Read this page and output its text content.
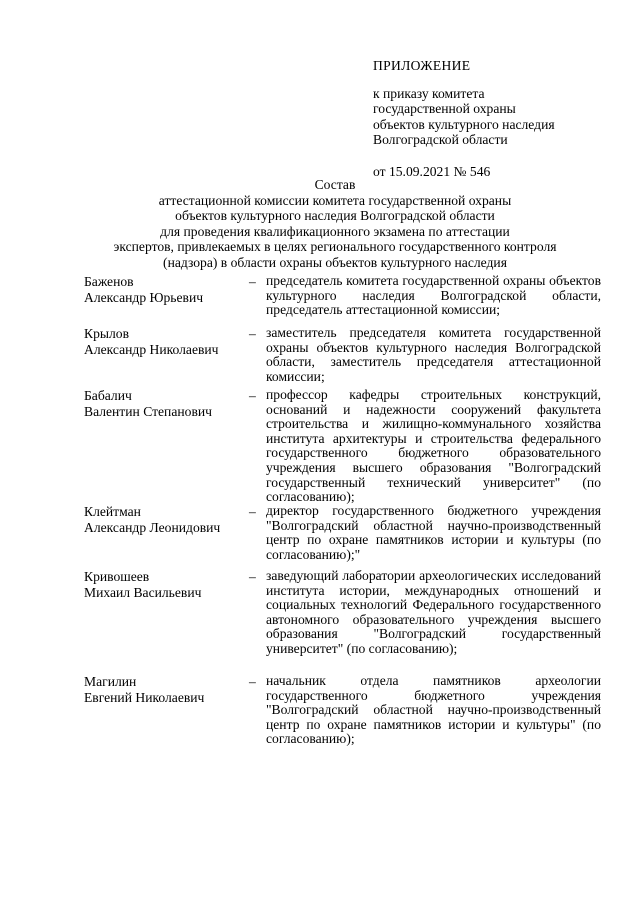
ПРИЛОЖЕНИЕ
к приказу комитета
государственной охраны
объектов культурного наследия
Волгоградской области
от 15.09.2021 № 546
Состав
аттестационной комиссии комитета государственной охраны
объектов культурного наследия Волгоградской области
для проведения квалификационного экзамена по аттестации
экспертов, привлекаемых в целях регионального государственного контроля
(надзора) в области охраны объектов культурного наследия
Баженов
Александр Юрьевич
– председатель комитета государственной охраны объектов культурного наследия Волгоградской области, председатель аттестационной комиссии;
Крылов
Александр Николаевич
– заместитель председателя комитета государственной охраны объектов культурного наследия Волгоградской области, заместитель председателя аттестационной комиссии;
Бабалич
Валентин Степанович
– профессор кафедры строительных конструкций, оснований и надежности сооружений факультета строительства и жилищно-коммунального хозяйства института архитектуры и строительства федерального государственного бюджетного образовательного учреждения высшего образования "Волгоградский государственный технический университет" (по согласованию);
Клейтман
Александр Леонидович
– директор государственного бюджетного учреждения "Волгоградский областной научно-производственный центр по охране памятников истории и культуры (по согласованию);"
Кривошеев
Михаил Васильевич
– заведующий лаборатории археологических исследований института истории, международных отношений и социальных технологий Федерального государственного автономного образовательного учреждения высшего образования "Волгоградский государственный университет" (по согласованию);
Магилин
Евгений Николаевич
– начальник отдела памятников археологии государственного бюджетного учреждения "Волгоградский областной научно-производственный центр по охране памятников истории и культуры" (по согласованию);
